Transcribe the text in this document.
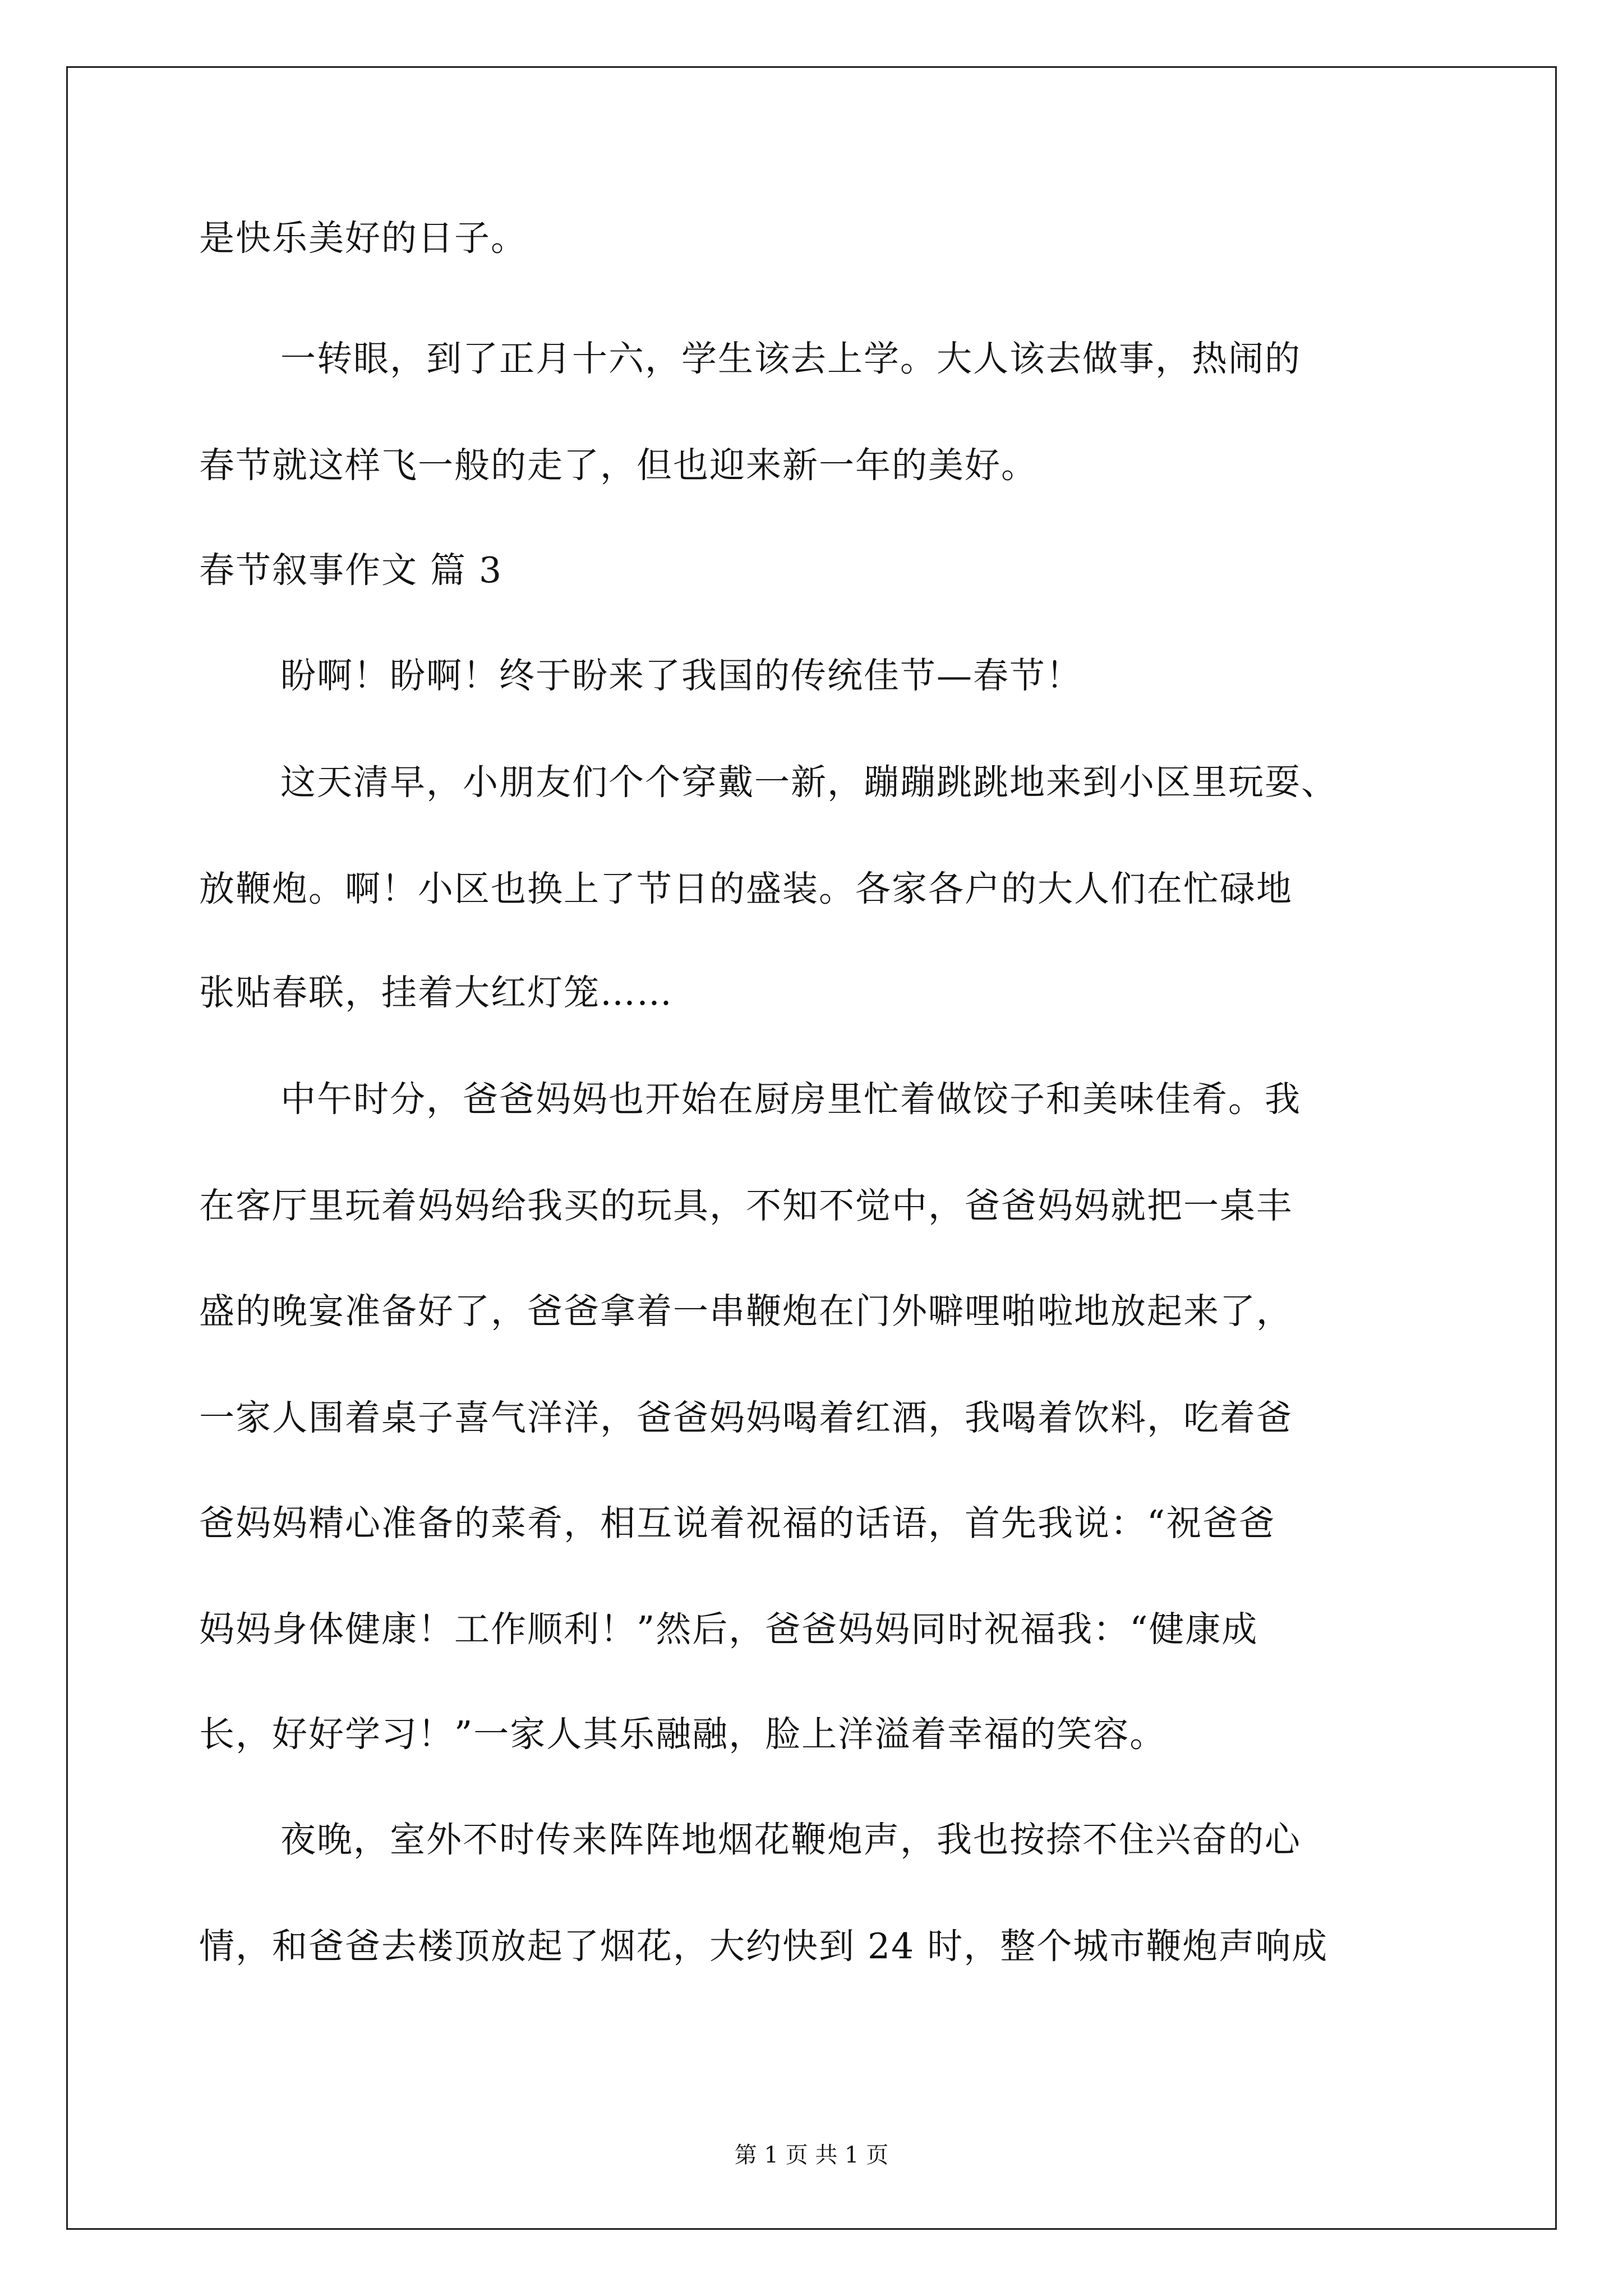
是快乐美好的日子。
一转眼，到了正月十六，学生该去上学。大人该去做事，热闹的
春节就这样飞一般的走了，但也迎来新一年的美好。
春节叙事作文 篇 3
盼啊！盼啊！终于盼来了我国的传统佳节—春节！
这天清早，小朋友们个个穿戴一新，蹦蹦跳跳地来到小区里玩耍、
放鞭炮。啊！小区也换上了节日的盛装。各家各户的大人们在忙碌地
张贴春联，挂着大红灯笼……
中午时分，爸爸妈妈也开始在厨房里忙着做饺子和美味佳肴。我
在客厅里玩着妈妈给我买的玩具，不知不觉中，爸爸妈妈就把一桌丰
盛的晚宴准备好了，爸爸拿着一串鞭炮在门外噼哩啪啦地放起来了，
一家人围着桌子喜气洋洋，爸爸妈妈喝着红酒，我喝着饮料，吃着爸
爸妈妈精心准备的菜肴，相互说着祝福的话语，首先我说：“祝爸爸
妈妈身体健康！工作顺利！”然后，爸爸妈妈同时祝福我：“健康成
长，好好学习！”一家人其乐融融，脸上洋溢着幸福的笑容。
夜晚，室外不时传来阵阵地烟花鞭炮声，我也按捺不住兴奋的心
情，和爸爸去楼顶放起了烟花，大约快到 24 时，整个城市鞭炮声响成
第 1 页 共 1 页
